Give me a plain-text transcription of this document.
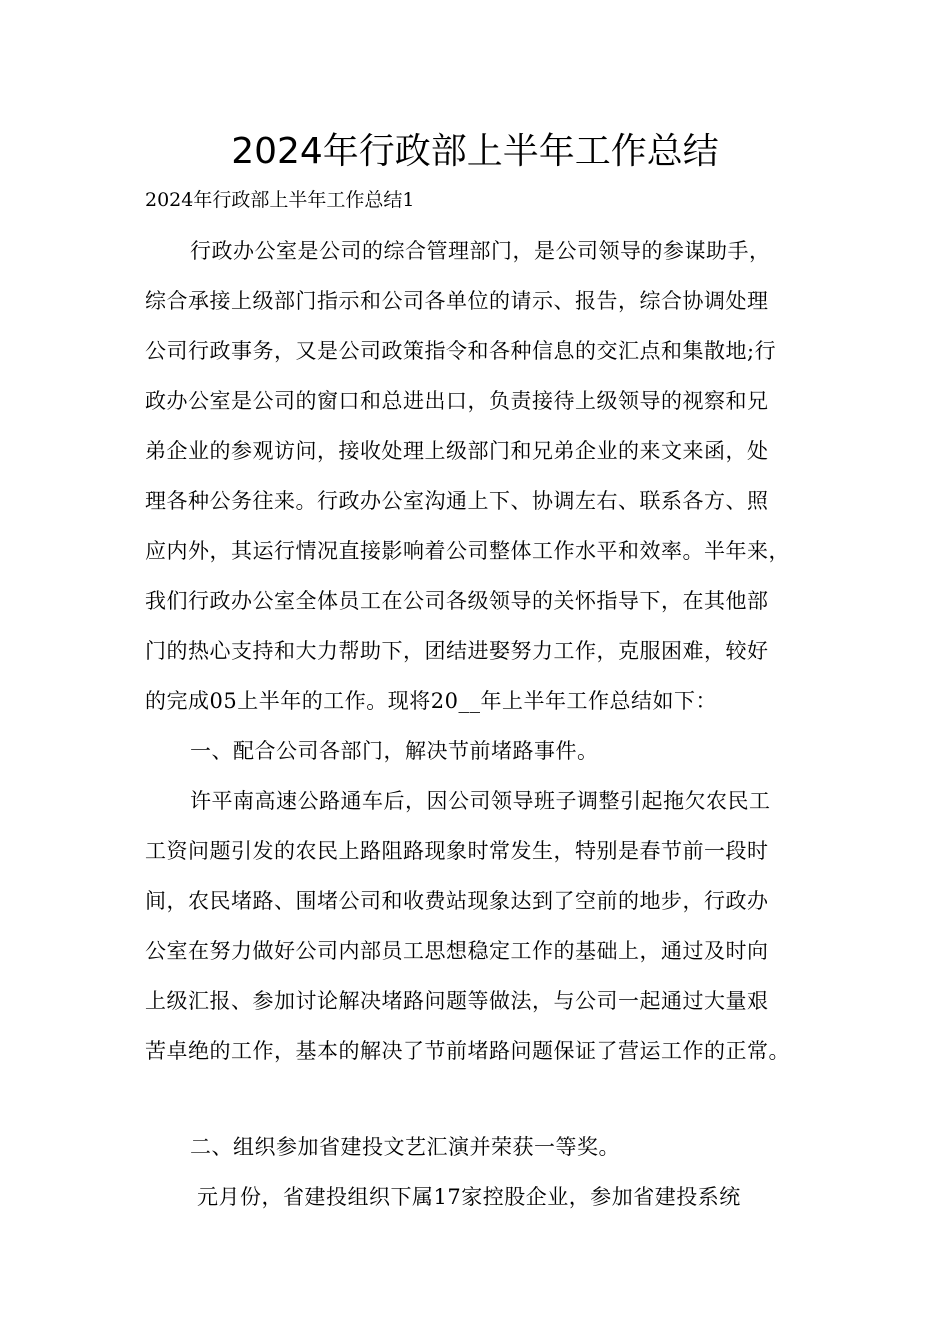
2024年行政部上半年工作总结
2024年行政部上半年工作总结1
行政办公室是公司的综合管理部门，是公司领导的参谋助手，
综合承接上级部门指示和公司各单位的请示、报告，综合协调处理
公司行政事务，又是公司政策指令和各种信息的交汇点和集散地;行
政办公室是公司的窗口和总进出口，负责接待上级领导的视察和兄
弟企业的参观访问，接收处理上级部门和兄弟企业的来文来函，处
理各种公务往来。行政办公室沟通上下、协调左右、联系各方、照
应内外，其运行情况直接影响着公司整体工作水平和效率。半年来，
我们行政办公室全体员工在公司各级领导的关怀指导下，在其他部
门的热心支持和大力帮助下，团结进娶努力工作，克服困难，较好
的完成05上半年的工作。现将20__年上半年工作总结如下：
一、配合公司各部门，解决节前堵路事件。
许平南高速公路通车后，因公司领导班子调整引起拖欠农民工
工资问题引发的农民上路阻路现象时常发生，特别是春节前一段时
间，农民堵路、围堵公司和收费站现象达到了空前的地步，行政办
公室在努力做好公司内部员工思想稳定工作的基础上，通过及时向
上级汇报、参加讨论解决堵路问题等做法，与公司一起通过大量艰
苦卓绝的工作，基本的解决了节前堵路问题保证了营运工作的正常。
二、组织参加省建投文艺汇演并荣获一等奖。
元月份，省建投组织下属17家控股企业，参加省建投系统
